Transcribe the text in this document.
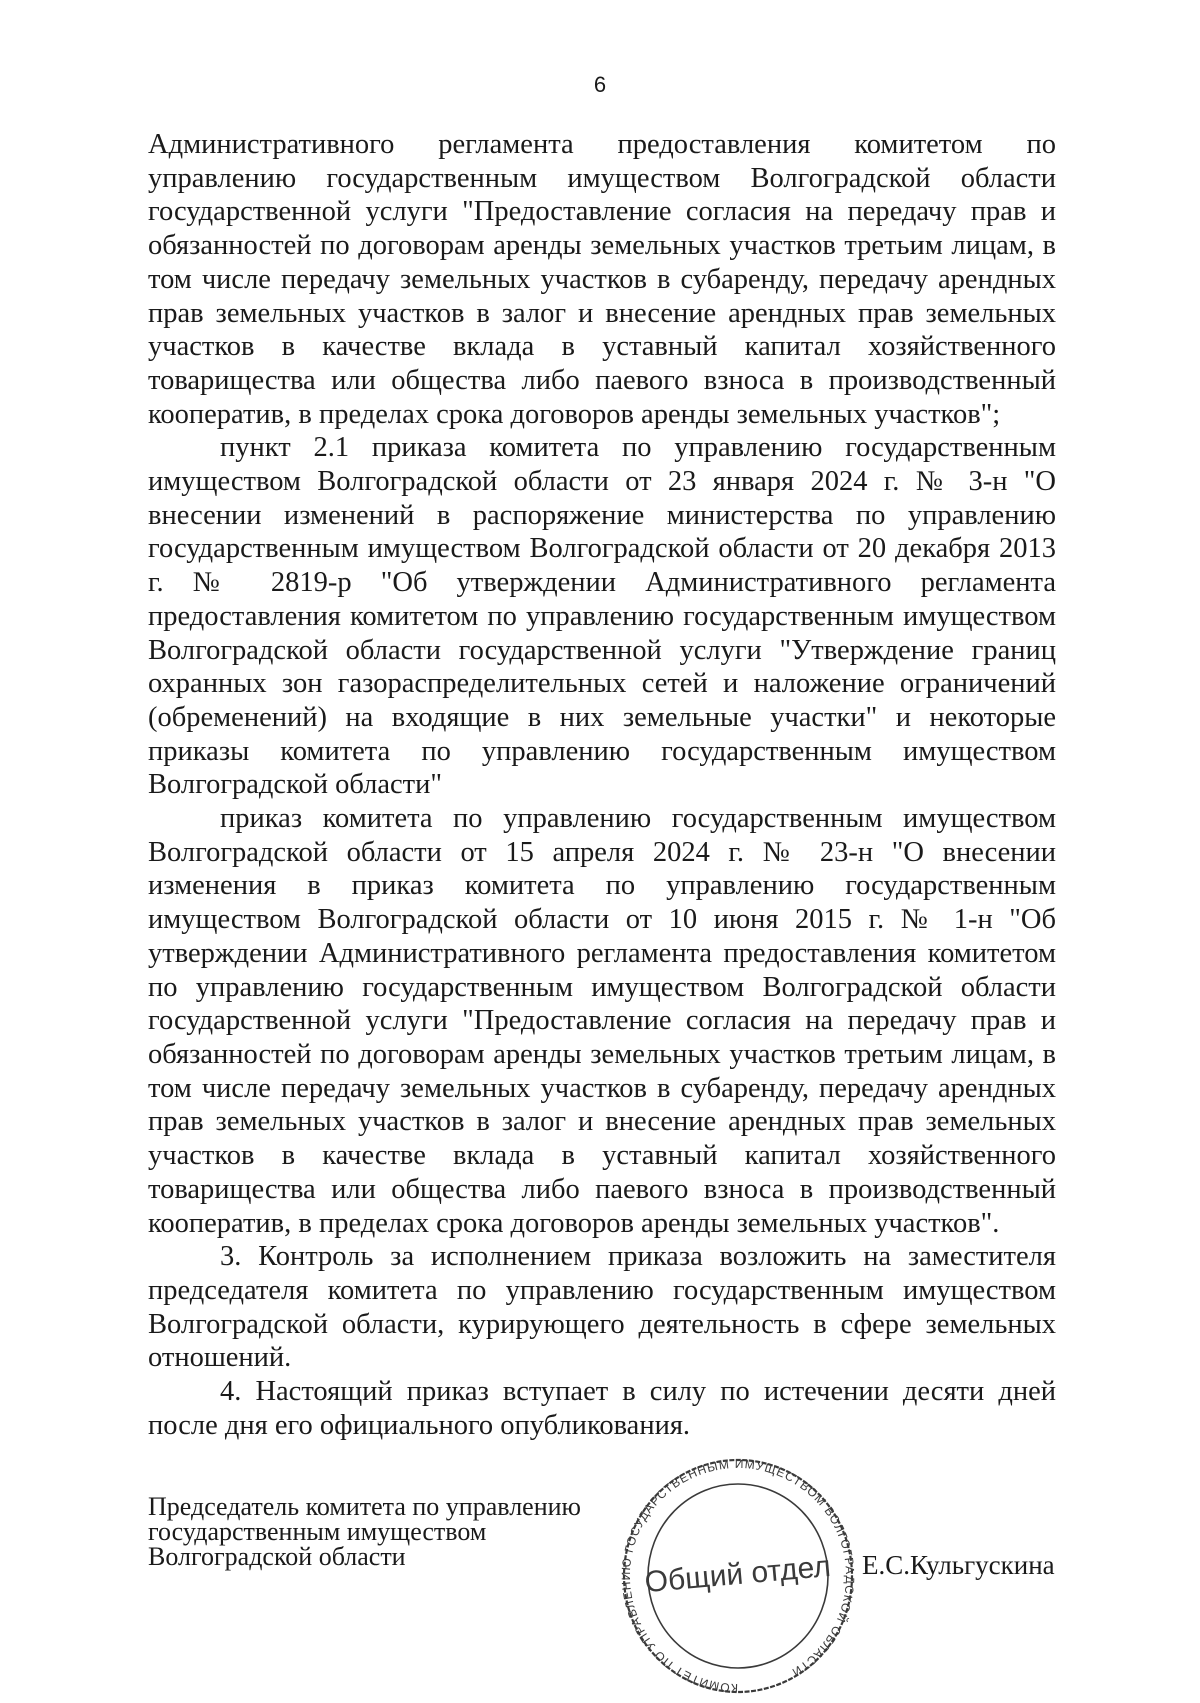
6

Административного регламента предоставления комитетом по управлению государственным имуществом Волгоградской области государственной услуги "Предоставление согласия на передачу прав и обязанностей по договорам аренды земельных участков третьим лицам, в том числе передачу земельных участков в субаренду, передачу арендных прав земельных участков в залог и внесение арендных прав земельных участков в качестве вклада в уставный капитал хозяйственного товарищества или общества либо паевого взноса в производственный кооператив, в пределах срока договоров аренды земельных участков";

пункт 2.1 приказа комитета по управлению государственным имуществом Волгоградской области от 23 января 2024 г. № 3-н "О внесении изменений в распоряжение министерства по управлению государственным имуществом Волгоградской области от 20 декабря 2013 г. № 2819-р "Об утверждении Административного регламента предоставления комитетом по управлению государственным имуществом Волгоградской области государственной услуги "Утверждение границ охранных зон газораспределительных сетей и наложение ограничений (обременений) на входящие в них земельные участки" и некоторые приказы комитета по управлению государственным имуществом Волгоградской области"

приказ комитета по управлению государственным имуществом Волгоградской области от 15 апреля 2024 г. № 23-н "О внесении изменения в приказ комитета по управлению государственным имуществом Волгоградской области от 10 июня 2015 г. № 1-н "Об утверждении Административного регламента предоставления комитетом по управлению государственным имуществом Волгоградской области государственной услуги "Предоставление согласия на передачу прав и обязанностей по договорам аренды земельных участков третьим лицам, в том числе передачу земельных участков в субаренду, передачу арендных прав земельных участков в залог и внесение арендных прав земельных участков в качестве вклада в уставный капитал хозяйственного товарищества или общества либо паевого взноса в производственный кооператив, в пределах срока договоров аренды земельных участков".

3. Контроль за исполнением приказа возложить на заместителя председателя комитета по управлению государственным имуществом Волгоградской области, курирующего деятельность в сфере земельных отношений.

4. Настоящий приказ вступает в силу по истечении десяти дней после дня его официального опубликования.

Председатель комитета по управлению
государственным имуществом
Волгоградской области	Е.С.Кульгускина
КОМИТЕТ ПО УПРАВЛЕНИЮ ГОСУДАРСТВЕННЫМ ИМУЩЕСТВОМ ВОЛГОГРАДСКОЙ ОБЛАСТИ
Общий отдел
